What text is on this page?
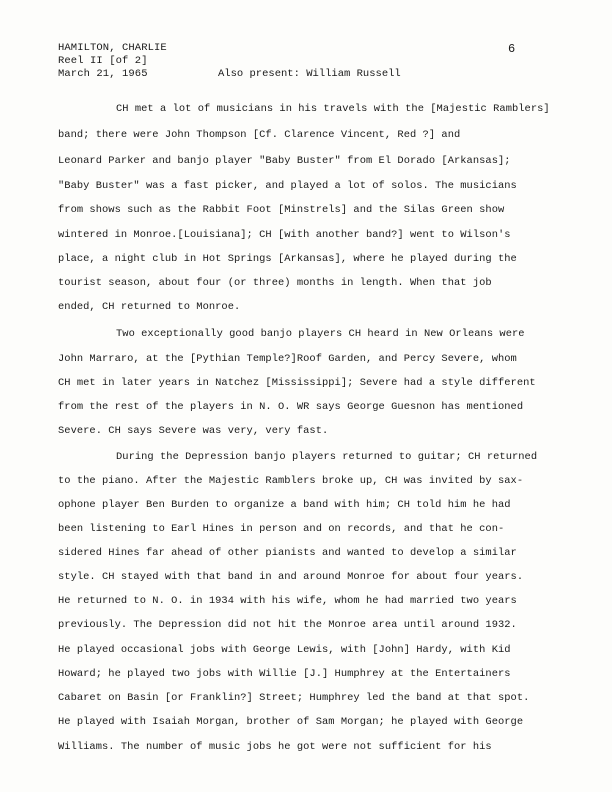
HAMILTON, CHARLIE
Reel II [of 2]
March 21, 1965	Also present: William Russell
6
CH met a lot of musicians in his travels with the [Majestic Ramblers]
band; there were John Thompson [Cf. Clarence Vincent, Red ?] and
Leonard Parker and banjo player "Baby Buster" from El Dorado [Arkansas];
"Baby Buster" was a fast picker, and played a lot of solos. The musicians
from shows such as the Rabbit Foot [Minstrels] and the Silas Green show
wintered in Monroe.[Louisiana]; CH [with another band?] went to Wilson's
place, a night club in Hot Springs [Arkansas], where he played during the
tourist season, about four (or three) months in length. When that job
ended, CH returned to Monroe.
Two exceptionally good banjo players CH heard in New Orleans were
John Marraro, at the [Pythian Temple?]Roof Garden, and Percy Severe, whom
CH met in later years in Natchez [Mississippi]; Severe had a style different
from the rest of the players in N. O. WR says George Guesnon has mentioned
Severe. CH says Severe was very, very fast.
During the Depression banjo players returned to guitar; CH returned
to the piano. After the Majestic Ramblers broke up, CH was invited by sax-
ophone player Ben Burden to organize a band with him; CH told him he had
been listening to Earl Hines in person and on records, and that he con-
sidered Hines far ahead of other pianists and wanted to develop a similar
style. CH stayed with that band in and around Monroe for about four years.
He returned to N. O. in 1934 with his wife, whom he had married two years
previously. The Depression did not hit the Monroe area until around 1932.
He played occasional jobs with George Lewis, with [John] Hardy, with Kid
Howard; he played two jobs with Willie [J.] Humphrey at the Entertainers
Cabaret on Basin [or Franklin?] Street; Humphrey led the band at that spot.
He played with Isaiah Morgan, brother of Sam Morgan; he played with George
Williams. The number of music jobs he got were not sufficient for his
